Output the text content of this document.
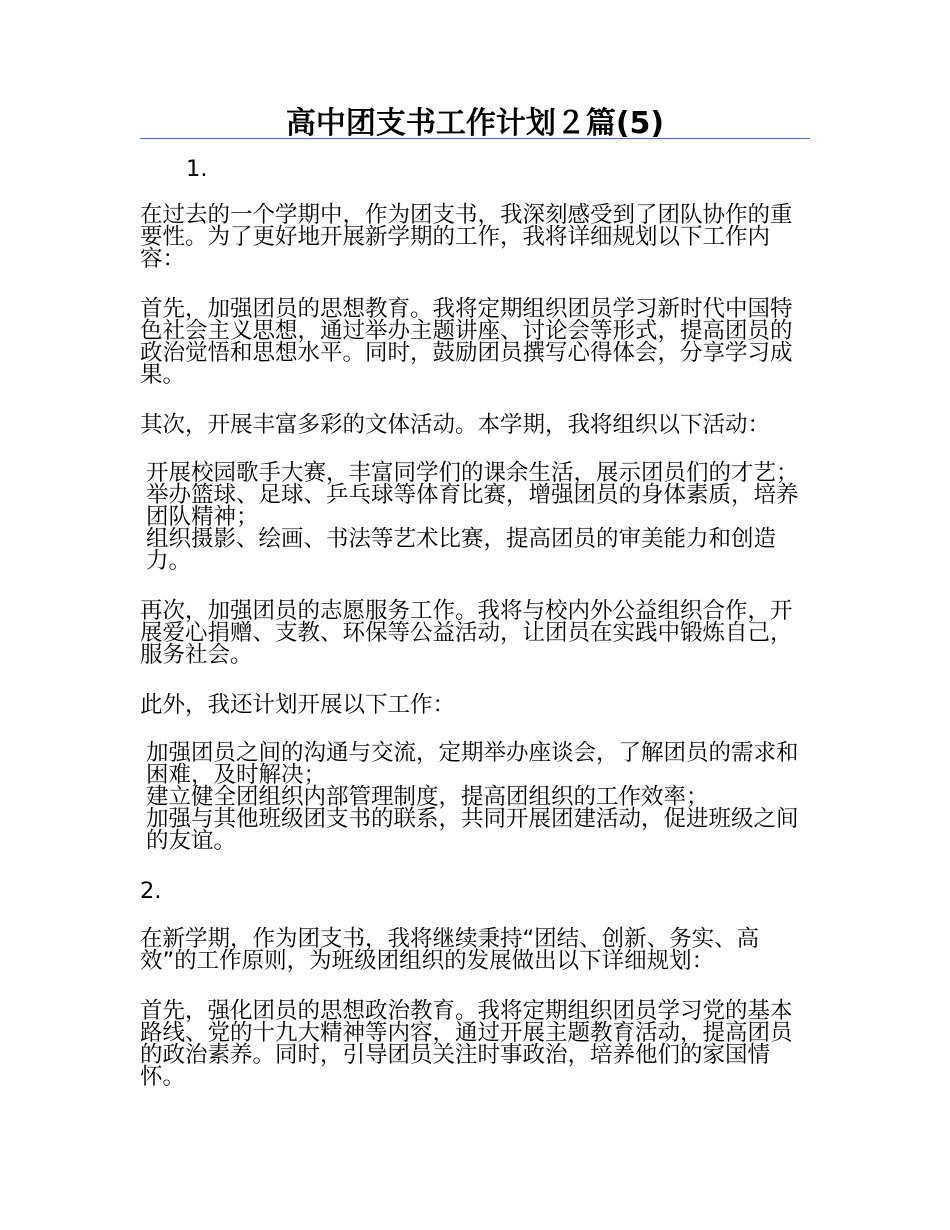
高中团支书工作计划２篇(5)

1.

在过去的一个学期中，作为团支书，我深刻感受到了团队协作的重要性。为了更好地开展新学期的工作，我将详细规划以下工作内容：

首先，加强团员的思想教育。我将定期组织团员学习新时代中国特色社会主义思想，通过举办主题讲座、讨论会等形式，提高团员的政治觉悟和思想水平。同时，鼓励团员撰写心得体会，分享学习成果。

其次，开展丰富多彩的文体活动。本学期，我将组织以下活动：

开展校园歌手大赛，丰富同学们的课余生活，展示团员们的才艺；
举办篮球、足球、乒乓球等体育比赛，增强团员的身体素质，培养团队精神；
组织摄影、绘画、书法等艺术比赛，提高团员的审美能力和创造力。

再次，加强团员的志愿服务工作。我将与校内外公益组织合作，开展爱心捐赠、支教、环保等公益活动，让团员在实践中锻炼自己，服务社会。

此外，我还计划开展以下工作：

加强团员之间的沟通与交流，定期举办座谈会，了解团员的需求和困难，及时解决；
建立健全团组织内部管理制度，提高团组织的工作效率；
加强与其他班级团支书的联系，共同开展团建活动，促进班级之间的友谊。

2.

在新学期，作为团支书，我将继续秉持“团结、创新、务实、高效”的工作原则，为班级团组织的发展做出以下详细规划：

首先，强化团员的思想政治教育。我将定期组织团员学习党的基本路线、党的十九大精神等内容，通过开展主题教育活动，提高团员的政治素养。同时，引导团员关注时事政治，培养他们的家国情怀。
